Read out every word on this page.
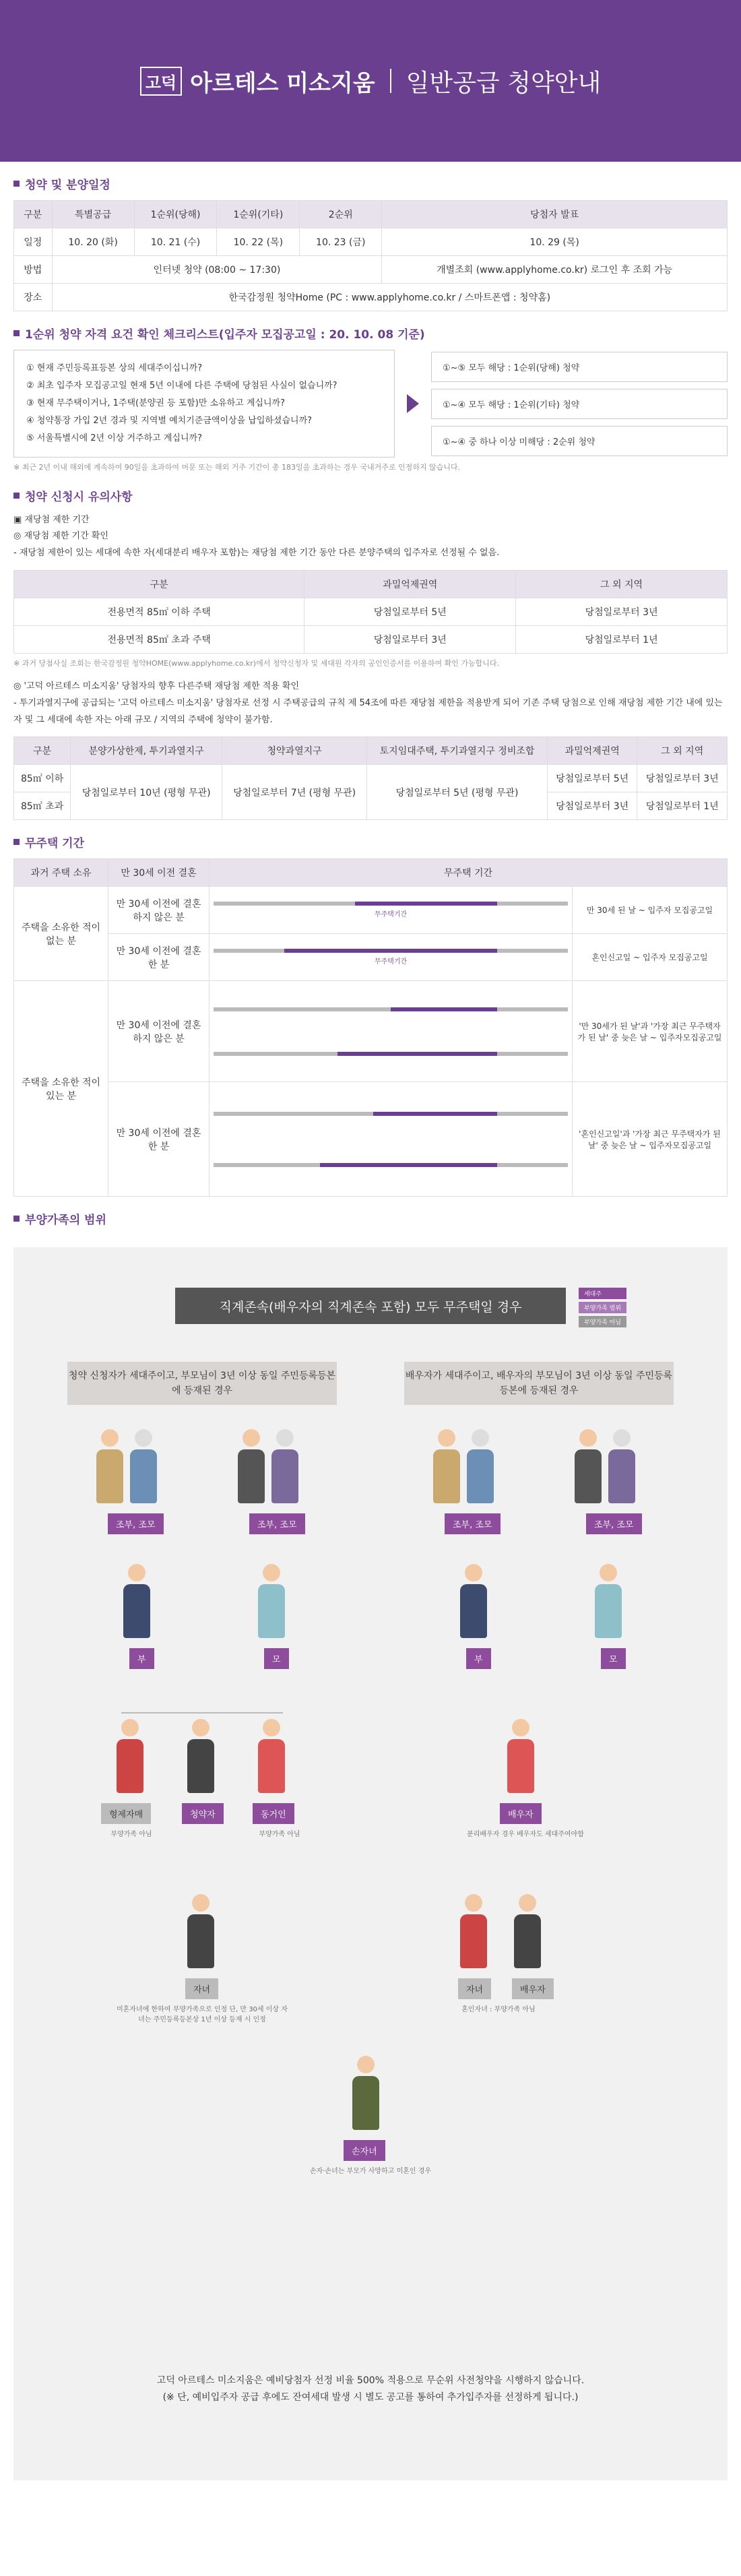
고덕 아르테스 미소지움 일반공급 청약안내
청약 및 분양일정
구분	특별공급	1순위(당해)	1순위(기타)	2순위	당첨자 발표
일정	10. 20 (화)	10. 21 (수)	10. 22 (목)	10. 23 (금)	10. 29 (목)
방법	인터넷 청약 (08:00 ~ 17:30)				개별조회 (www.applyhome.co.kr) 로그인 후 조회 가능
장소	한국감정원 청약Home (PC : www.applyhome.co.kr / 스마트폰앱 : 청약홈)				
1순위 청약 자격 요건 확인 체크리스트(입주자 모집공고일 : 20. 10. 08 기준)
① 현재 주민등록표등본 상의 세대주이십니까?
② 최초 입주자 모집공고일 현재 5년 이내에 다른 주택에 당첨된 사실이 없습니까?
③ 현재 무주택이거나, 1주택(분양권 등 포함)만 소유하고 계십니까?
④ 청약통장 가입 2년 경과 및 지역별 예치기준금액이상을 납입하셨습니까?
⑤ 서울특별시에 2년 이상 거주하고 계십니까?
①~⑤ 모두 해당 : 1순위(당해) 청약
①~④ 모두 해당 : 1순위(기타) 청약
①~④ 중 하나 이상 미해당 : 2순위 청약
※ 최근 2년 이내 해외에 계속하여 90일을 초과하여 머문 또는 해외 거주 기간이 총 183일을 초과하는 경우 국내거주로 인정하지 않습니다.
청약 신청시 유의사항
▣ 재당첨 제한 기간
◎ 재당첨 제한 기간 확인
- 재당첨 제한이 있는 세대에 속한 자(세대분리 배우자 포함)는 재당첨 제한 기간 동안 다른 분양주택의 입주자로 선정될 수 없음.
구분	과밀억제권역	그 외 지역
전용면적 85㎡ 이하 주택	당첨일로부터 5년	당첨일로부터 3년
전용면적 85㎡ 초과 주택	당첨일로부터 3년	당첨일로부터 1년
※ 과거 당첨사실 조회는 한국감정원 청약HOME(www.applyhome.co.kr)에서 청약신청자 및 세대원 각자의 공인인증서를 이용하여 확인 가능합니다.
◎ '고덕 아르테스 미소지움' 당첨자의 향후 다른주택 재당첨 제한 적용 확인
- 투기과열지구에 공급되는 '고덕 아르테스 미소지움' 당첨자로 선정 시 주택공급의 규칙 제 54조에 따른 재당첨 제한을 적용받게 되어 기존 주택 당첨으로 인해 재당첨 제한 기간 내에 있는 자 및 그 세대에 속한 자는 아래 규모 / 지역의 주택에 청약이 불가함.
구분	분양가상한제, 투기과열지구	청약과열지구	토지임대주택, 투기과열지구 정비조합	과밀억제권역	그 외 지역
85㎡ 이하	당첨일로부터 10년 (평형 무관)	당첨일로부터 7년 (평형 무관)	당첨일로부터 5년 (평형 무관)	당첨일로부터 5년	당첨일로부터 3년
85㎡ 초과				당첨일로부터 3년	당첨일로부터 1년
무주택 기간
과거 주택 소유	만 30세 이전 결혼	무주택 기간	
주택을 소유한 적이 없는 분	만 30세 이전에 결혼하지 않은 분	무주택기간	만 30세 된 날 ~ 입주자 모집공고일
	만 30세 이전에 결혼 한 분	무주택기간	혼인신고일 ~ 입주자 모집공고일
주택을 소유한 적이 있는 분	만 30세 이전에 결혼하지 않은 분		'만 30세가 된 날'과 '가장 최근 무주택자가 된 날' 중 늦은 날 ~ 입주자모집공고일
	만 30세 이전에 결혼 한 분		'혼인신고일'과 '가장 최근 무주택자가 된 날' 중 늦은 날 ~ 입주자모집공고일
부양가족의 범위
직계존속(배우자의 직계존속 포함) 모두 무주택일 경우
세대주
부양가족 범위
부양가족 아님
청약 신청자가 세대주이고, 부모님이 3년 이상 동일 주민등록등본에 등재된 경우
배우자가 세대주이고, 배우자의 부모님이 3년 이상 동일 주민등록등본에 등재된 경우
조부, 조모	조부, 조모	조부, 조모	조부, 조모
부	모	부	모
형제자매	청약자	동거인
부양가족 아님	부양가족 아님
배우자
분리배우자 경우 배우자도 세대주여야함
자녀
미혼자녀에 한하여 부양가족으로 인정 단, 만 30세 이상 자녀는 주민등록등본상 1년 이상 등재 시 인정
자녀	배우자
혼인자녀 : 부양가족 아님
손자녀
손자·손녀는 부모가 사망하고 미혼인 경우
고덕 아르테스 미소지움은 예비당첨자 선정 비율 500% 적용으로 무순위 사전청약을 시행하지 않습니다.
(※ 단, 예비입주자 공급 후에도 잔여세대 발생 시 별도 공고를 통하여 추가입주자를 선정하게 됩니다.)
